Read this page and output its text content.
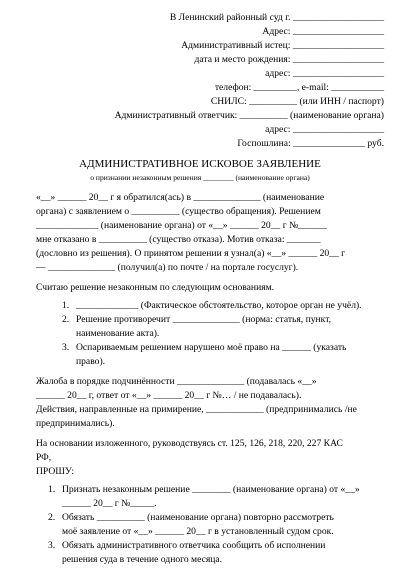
В Ленинский районный суд г. ___________________
Адрес: ___________________
Административный истец: ___________________
дата и место рождения: ___________________
адрес: ___________________
телефон: _________, e-mail: ___________
СНИЛС: __________ (или ИНН / паспорт)
Административный ответчик: __________ (наименование органа)
адрес: ___________________
Госпошлина: _______________ руб.
АДМИНИСТРАТИВНОЕ ИСКОВОЕ ЗАЯВЛЕНИЕ
о признании незаконным решения ________ (наименование органа)
«__» ______ 20__ г я обратился(ась) в ______________ (наименование
органа) с заявлением о __________ (существо обращения). Решением
_____________ (наименование органа) от «__» ______ 20__ г №______
мне отказано в __________ (существо отказа). Мотив отказа: _______
(дословно из решения). О принятом решении я узнал(а) «__» ______ 20__ г
— ______________ (получил(а) по почте / на портале госуслуг).
Считаю решение незаконным по следующим основаниям.
1. _____________ (Фактическое обстоятельство, которое орган не учёл).
2. Решение противоречит ______________ (норма: статья, пункт,
наименование акта).
3. Оспариваемым решением нарушено моё право на ______ (указать
право).
Жалоба в порядке подчинённости ______________ (подавалась «__»
______ 20__ г, ответ от «__» ______ 20__ г №… / не подавалась).
Действия, направленные на примирение, ____________ (предпринимались /не
предпринимались).
На основании изложенного, руководствуясь ст. 125, 126, 218, 220, 227 КАС
РФ,
ПРОШУ:
1. Признать незаконным решение ________ (наименование органа) от «__»
______ 20__ г №_____.
2. Обязать __________ (наименование органа) повторно рассмотреть
моё заявление от «__» ______ 20__ г в установленный судом срок.
3. Обязать административного ответчика сообщить об исполнении
решения суда в течение одного месяца.
